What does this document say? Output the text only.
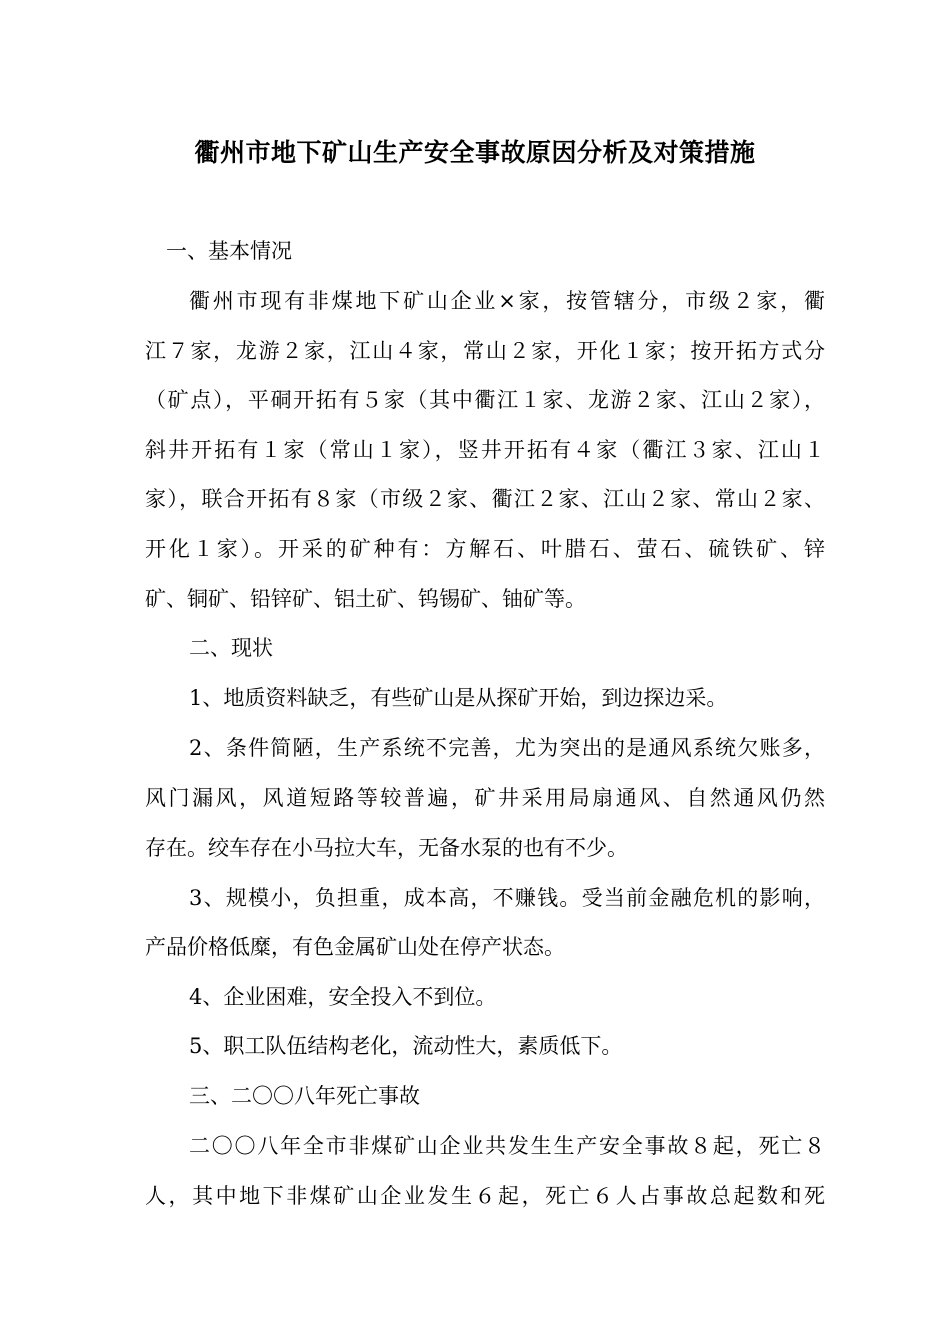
衢州市地下矿山生产安全事故原因分析及对策措施
一、基本情况
衢州市现有非煤地下矿山企业×家，按管辖分，市级２家，衢
江７家，龙游２家，江山４家，常山２家，开化１家；按开拓方式分
（矿点），平硐开拓有５家（其中衢江１家、龙游２家、江山２家），
斜井开拓有１家（常山１家），竖井开拓有４家（衢江３家、江山１
家），联合开拓有８家（市级２家、衢江２家、江山２家、常山２家、
开化１家）。开采的矿种有：方解石、叶腊石、萤石、硫铁矿、锌
矿、铜矿、铅锌矿、铝土矿、钨锡矿、铀矿等。
二、现状
1、地质资料缺乏，有些矿山是从探矿开始，到边探边采。
2、条件简陋，生产系统不完善，尤为突出的是通风系统欠账多，
风门漏风，风道短路等较普遍，矿井采用局扇通风、自然通风仍然
存在。绞车存在小马拉大车，无备水泵的也有不少。
3、规模小，负担重，成本高，不赚钱。受当前金融危机的影响，
产品价格低糜，有色金属矿山处在停产状态。
4、企业困难，安全投入不到位。
5、职工队伍结构老化，流动性大，素质低下。
三、二〇〇八年死亡事故
二〇〇八年全市非煤矿山企业共发生生产安全事故８起，死亡８
人，其中地下非煤矿山企业发生６起，死亡６人占事故总起数和死
